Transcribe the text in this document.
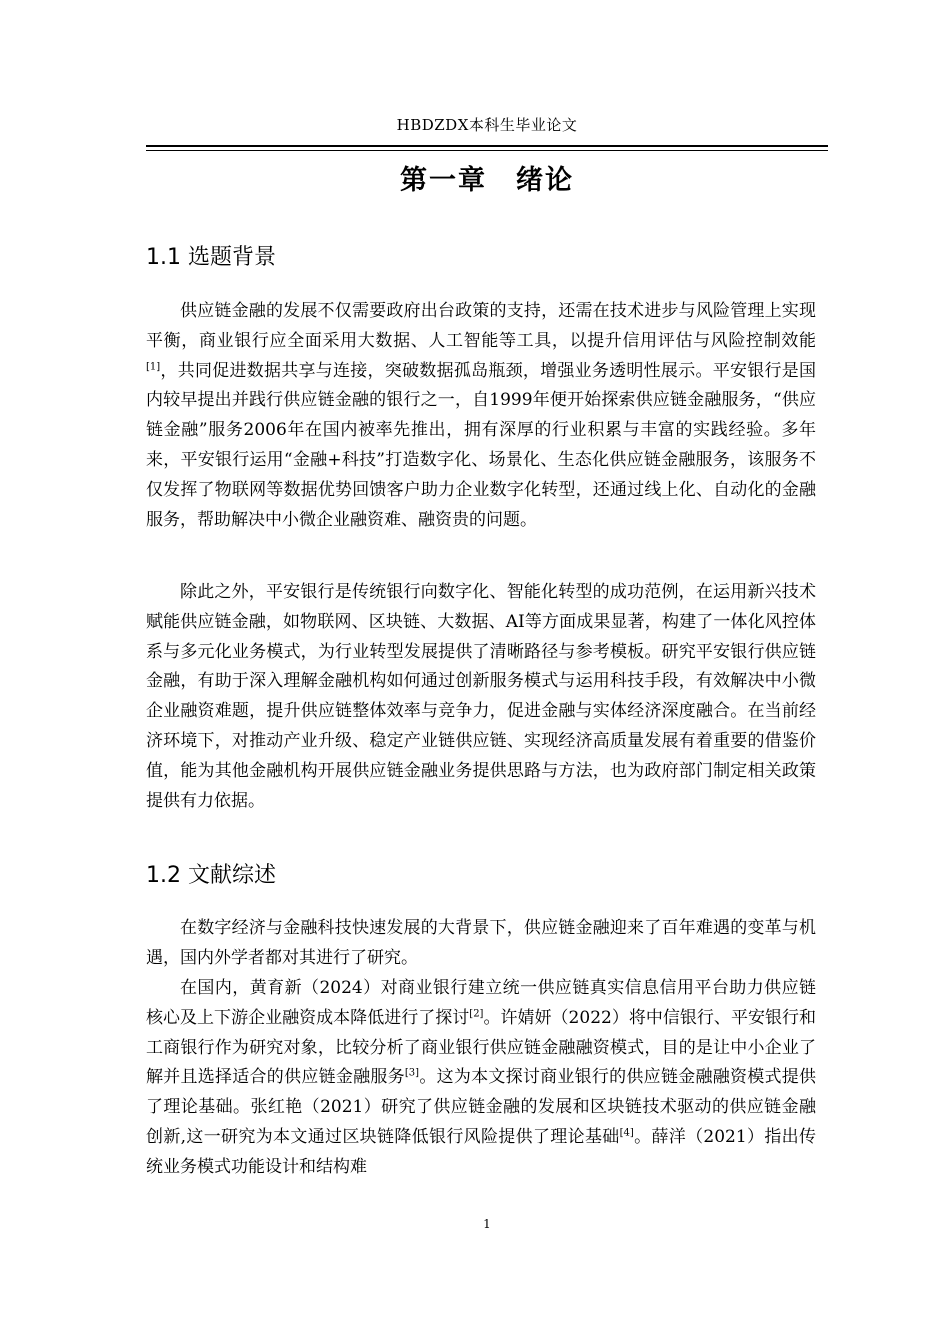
HBDZDX本科生毕业论文
第一章　绪论
1.1 选题背景

供应链金融的发展不仅需要政府出台政策的支持，还需在技术进步与风险管理上实现平衡，商业银行应全面采用大数据、人工智能等工具，以提升信用评估与风险控制效能[1]，共同促进数据共享与连接，突破数据孤岛瓶颈，增强业务透明性展示。平安银行是国内较早提出并践行供应链金融的银行之一，自1999年便开始探索供应链金融服务，“供应链金融”服务2006年在国内被率先推出，拥有深厚的行业积累与丰富的实践经验。多年来，平安银行运用“金融+科技”打造数字化、场景化、生态化供应链金融服务，该服务不仅发挥了物联网等数据优势回馈客户助力企业数字化转型，还通过线上化、自动化的金融服务，帮助解决中小微企业融资难、融资贵的问题。

除此之外，平安银行是传统银行向数字化、智能化转型的成功范例，在运用新兴技术赋能供应链金融，如物联网、区块链、大数据、AI等方面成果显著，构建了一体化风控体系与多元化业务模式，为行业转型发展提供了清晰路径与参考模板。研究平安银行供应链金融，有助于深入理解金融机构如何通过创新服务模式与运用科技手段，有效解决中小微企业融资难题，提升供应链整体效率与竞争力，促进金融与实体经济深度融合。在当前经济环境下，对推动产业升级、稳定产业链供应链、实现经济高质量发展有着重要的借鉴价值，能为其他金融机构开展供应链金融业务提供思路与方法，也为政府部门制定相关政策提供有力依据。

1.2 文献综述

在数字经济与金融科技快速发展的大背景下，供应链金融迎来了百年难遇的变革与机遇，国内外学者都对其进行了研究。

在国内，黄育新（2024）对商业银行建立统一供应链真实信息信用平台助力供应链核心及上下游企业融资成本降低进行了探讨[2]。许婧妍（2022）将中信银行、平安银行和工商银行作为研究对象，比较分析了商业银行供应链金融融资模式，目的是让中小企业了解并且选择适合的供应链金融服务[3]。这为本文探讨商业银行的供应链金融融资模式提供了理论基础。张红艳（2021）研究了供应链金融的发展和区块链技术驱动的供应链金融创新,这一研究为本文通过区块链降低银行风险提供了理论基础[4]。薛洋（2021）指出传统业务模式功能设计和结构难

1
